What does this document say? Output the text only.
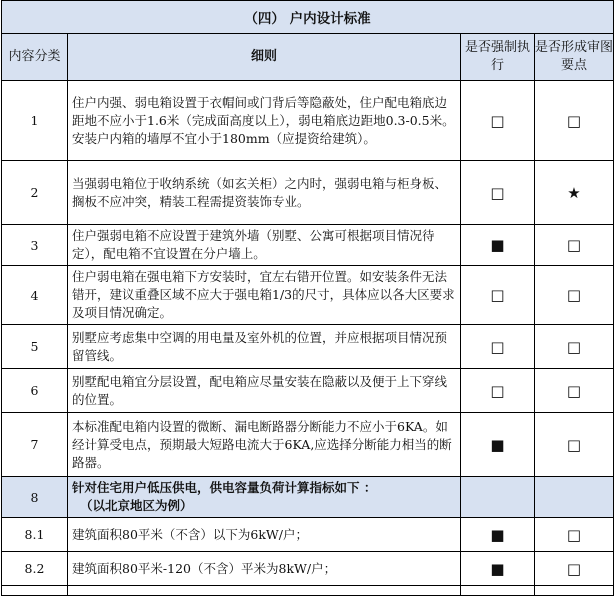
（四） 户内设计标准			
内容分类	细则	是否强制执行	是否形成审图要点
1	住户内强、弱电箱设置于衣帽间或门背后等隐蔽处，住户配电箱底边距地不应小于1.6米（完成面高度以上），弱电箱底边距地0.3-0.5米。安装户内箱的墙厚不宜小于180mm（应提资给建筑）。	□	□
2	当强弱电箱位于收纳系统（如玄关柜）之内时，强弱电箱与柜身板、搁板不应冲突，精装工程需提资装饰专业。	□	★
3	住户强弱电箱不应设置于建筑外墙（别墅、公寓可根据项目情况待定），配电箱不宜设置在分户墙上。	■	□
4	住户弱电箱在强电箱下方安装时，宜左右错开位置。如安装条件无法错开，建议重叠区域不应大于强电箱1/3的尺寸，具体应以各大区要求及项目情况确定。	□	□
5	别墅应考虑集中空调的用电量及室外机的位置，并应根据项目情况预留管线。	□	□
6	别墅配电箱宜分层设置，配电箱应尽量安装在隐蔽以及便于上下穿线的位置。	□	□
7	本标准配电箱内设置的微断、漏电断路器分断能力不应小于6KA。如经计算受电点，预期最大短路电流大于6KA,应选择分断能力相当的断路器。	■	□
8	针对住宅用户低压供电，供电容量负荷计算指标如下 ：
（以北京地区为例）		

8.1	建筑面积80平米（不含）以下为6kW/户；	■	□
8.2	建筑面积80平米-120（不含）平米为8kW/户；	■	□
